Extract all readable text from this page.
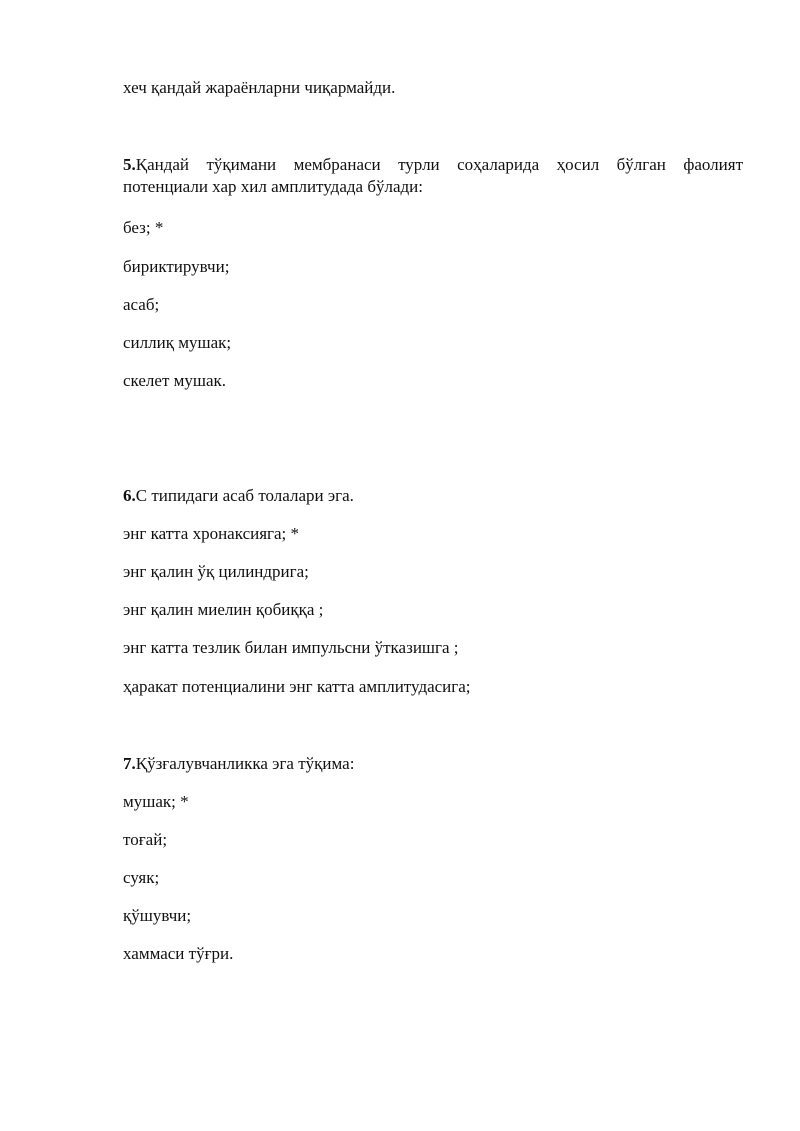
хеч қандай жараёнларни чиқармайди.
5.Қандай тўқимани мембранаси турли соҳаларида ҳосил бўлган фаолият
потенциали хар хил амплитудада бўлади:
без; *
бириктирувчи;
асаб;
силлиқ мушак;
скелет мушак.
6.С типидаги асаб толалари эга.
энг катта хронаксияга; *
энг қалин ўқ цилиндрига;
энг қалин миелин қобиққа ;
энг катта тезлик билан импульсни ўтказишга ;
ҳаракат потенциалини энг катта амплитудасига;
7.Қўзғалувчанликка эга тўқима:
мушак; *
тоғай;
суяк;
қўшувчи;
хаммаси тўғри.
